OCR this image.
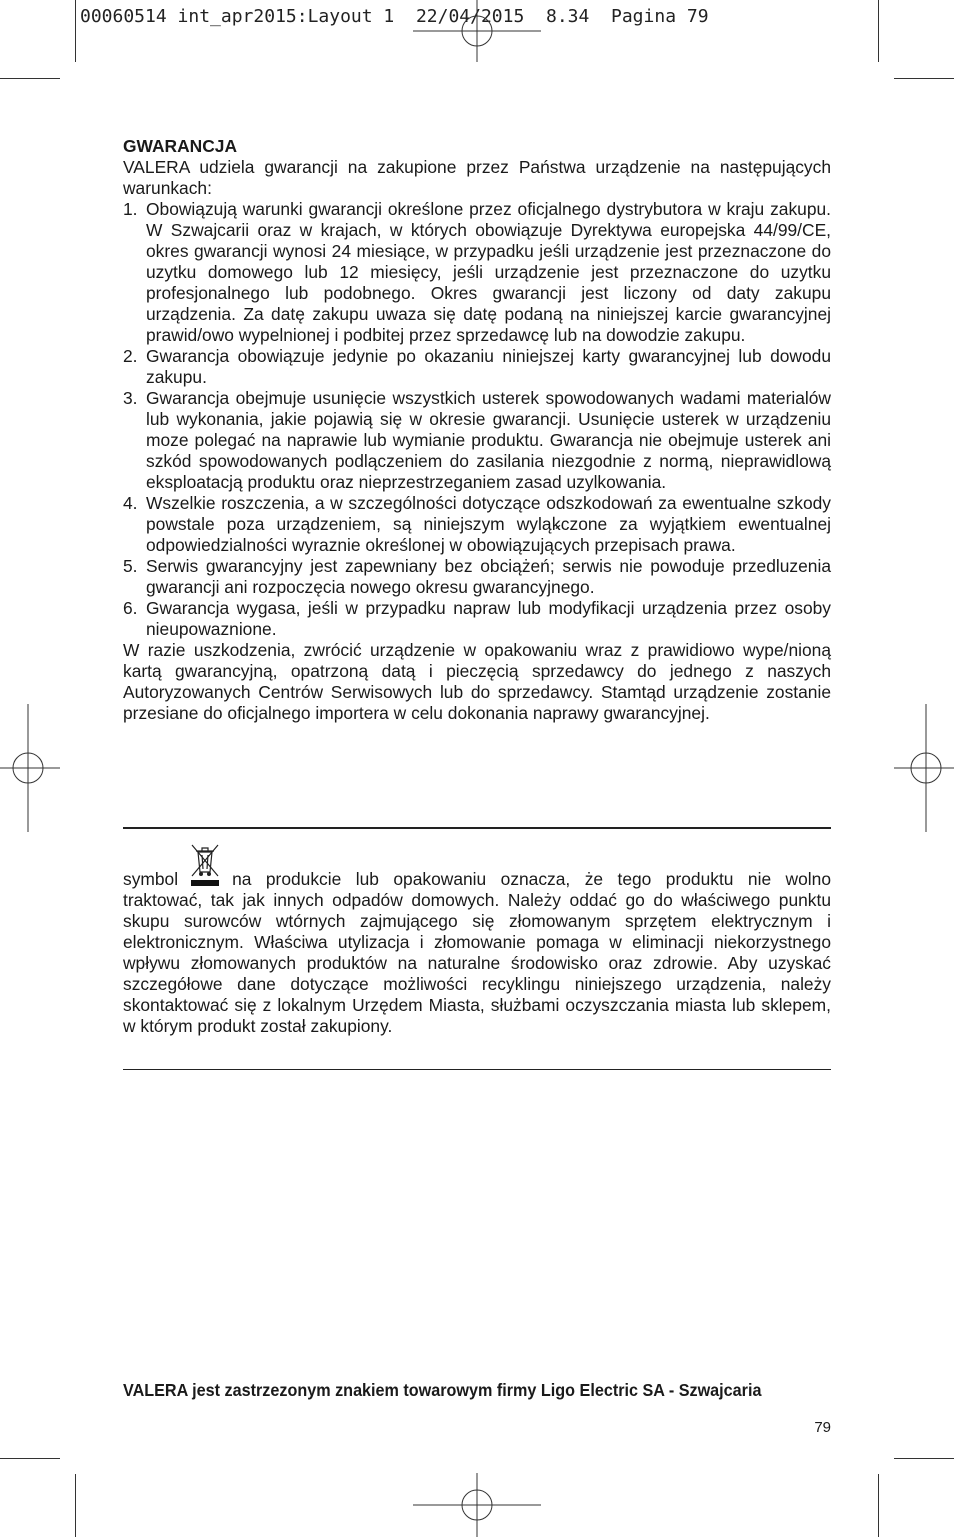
00060514 int_apr2015:Layout 1  22/04/2015  8.34  Pagina 79
GWARANCJA
VALERA udziela gwarancji na zakupione przez Państwa urządzenie na następujących warunkach:
1. Obowiązują warunki gwarancji określone przez oficjalnego dystrybutora w kraju zakupu. W Szwajcarii oraz w krajach, w których obowiązuje Dyrektywa europejska 44/99/CE, okres gwarancji wynosi 24 miesiące, w przypadku jeśli urządzenie jest przeznaczone do uzytku domowego lub 12 miesięcy, jeśli urządzenie jest przeznaczone do uzytku profesjonalnego lub podobnego. Okres gwarancji jest liczony od daty zakupu urządzenia. Za datę zakupu uwaza się datę podaną na niniejszej karcie gwarancyjnej prawid/owo wypelnionej i podbitej przez sprzedawcę lub na dowodzie zakupu.
2. Gwarancja obowiązuje jedynie po okazaniu niniejszej karty gwarancyjnej lub dowodu zakupu.
3. Gwarancja obejmuje usunięcie wszystkich usterek spowodowanych wadami materialów lub wykonania, jakie pojawią się w okresie gwarancji. Usunięcie usterek w urządzeniu moze polegać na naprawie lub wymianie produktu. Gwarancja nie obejmuje usterek ani szkód spowodowanych podlączeniem do zasilania niezgodnie z normą, nieprawidlową eksploatacją produktu oraz nieprzestrzeganiem zasad uzylkowania.
4. Wszelkie roszczenia, a w szczególności dotyczące odszkodowań za ewentualne szkody powstale poza urządzeniem, są niniejszym wyląꝃczone za wyjątkiem ewentualnej odpowiedzialności wyraznie określonej w obowiązujących przepisach prawa.
5. Serwis gwarancyjny jest zapewniany bez obciążeń; serwis nie powoduje przedluzenia gwarancji ani rozpoczęcia nowego okresu gwarancyjnego.
6. Gwarancja wygasa, jeśli w przypadku napraw lub modyfikacji urządzenia przez osoby nieupowaznione.
W razie uszkodzenia, zwrócić urządzenie w opakowaniu wraz z prawidiowo wype/nioną kartą gwarancyjną, opatrzoną datą i pieczęcią sprzedawcy do jednego z naszych Autoryzowanych Centrów Serwisowych lub do sprzedawcy. Stamtąd urządzenie zostanie przesiane do oficjalnego importera w celu dokonania naprawy gwarancyjnej.
symbol	na produkcie lub opakowaniu oznacza, że tego produktu nie wolno
traktować, tak jak innych odpadów domowych. Należy oddać go do właściwego punktu skupu surowców wtórnych zajmującego się złomowanym sprzętem elektrycznym i elektronicznym. Właściwa utylizacja i złomowanie pomaga w eliminacji niekorzystnego wpływu złomowanych produktów na naturalne środowisko oraz zdrowie. Aby uzyskać szczegółowe dane dotyczące możliwości recyklingu niniejszego urządzenia, należy skontaktować się z lokalnym Urzędem Miasta, służbami oczyszczania miasta lub sklepem, w którym produkt został zakupiony.
VALERA jest zastrzezonym znakiem towarowym firmy Ligo Electric SA - Szwajcaria
79
